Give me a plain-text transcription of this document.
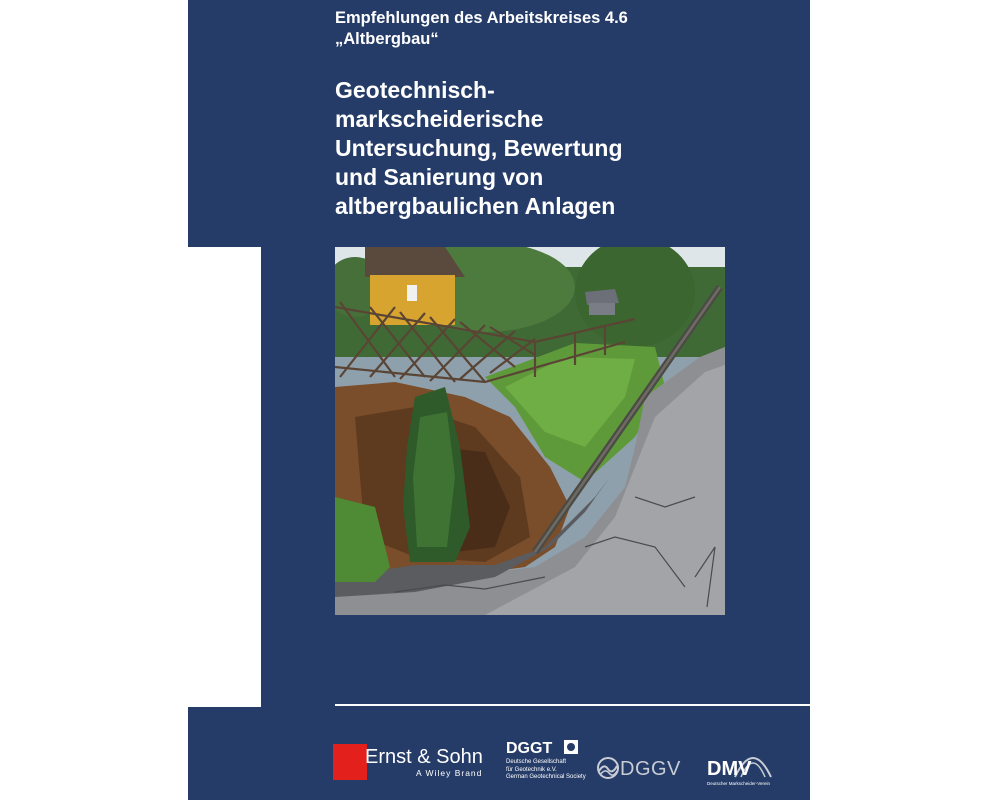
Empfehlungen des Arbeitskreises 4.6
„Altbergbau“
Geotechnisch-
markscheiderische
Untersuchung, Bewertung
und Sanierung von
altbergbaulichen Anlagen
Ernst & Sohn
A Wiley Brand
DGGT
Deutsche Gesellschaft
für Geotechnik e.V.
German Geotechnical Society DGGV DMV
Deutscher Markscheider-Verein
